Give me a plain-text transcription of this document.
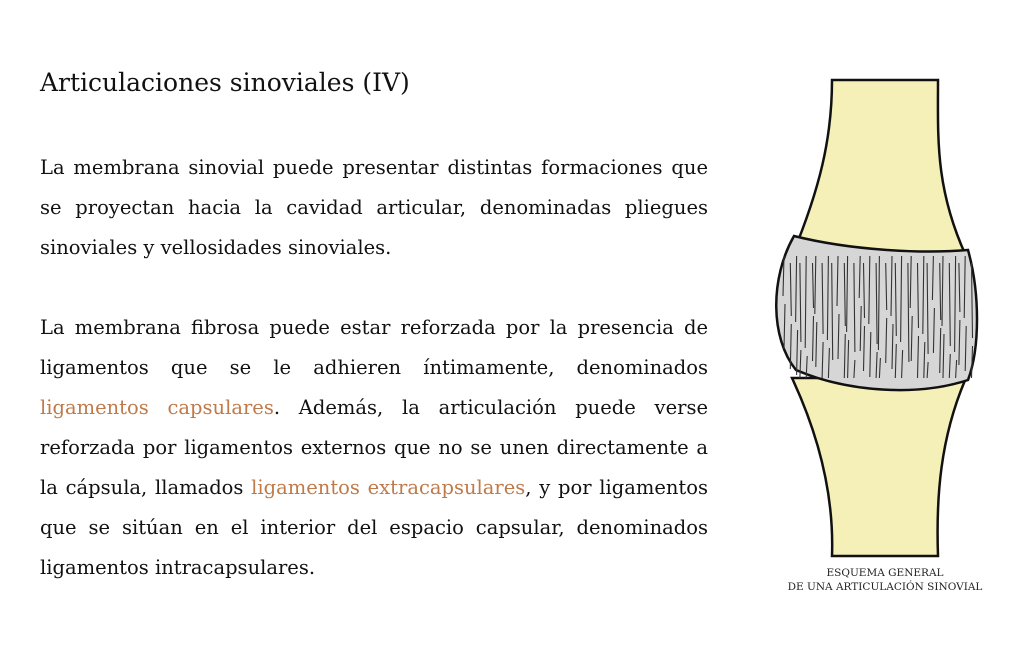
Articulaciones sinoviales (IV)

La membrana sinovial puede presentar distintas formaciones que se proyectan hacia la cavidad articular, denominadas pliegues sinoviales y vellosidades sinoviales.

La membrana fibrosa puede estar reforzada por la presencia de ligamentos que se le adhieren íntimamente, denominados ligamentos capsulares. Además, la articulación puede verse reforzada por ligamentos externos que no se unen directamente a la cápsula, llamados ligamentos extracapsulares, y por ligamentos que se sitúan en el interior del espacio capsular, denominados ligamentos intracapsulares.	ESQUEMA GENERAL
DE UNA ARTICULACIÓN SINOVIAL
